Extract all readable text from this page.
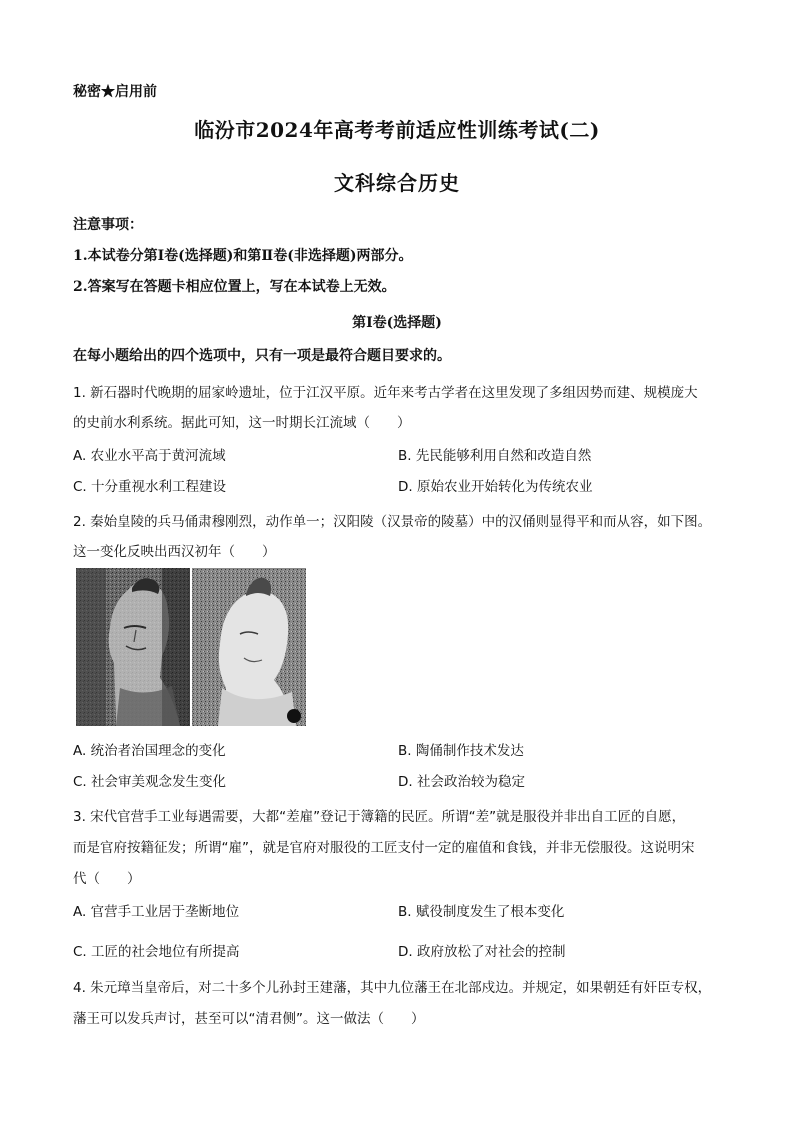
秘密★启用前
临汾市2024年高考考前适应性训练考试(二)
文科综合历史
注意事项：
1.本试卷分第Ⅰ卷(选择题)和第Ⅱ卷(非选择题)两部分。
2.答案写在答题卡相应位置上，写在本试卷上无效。
第Ⅰ卷(选择题)
在每小题给出的四个选项中，只有一项是最符合题目要求的。
1. 新石器时代晚期的屈家岭遗址，位于江汉平原。近年来考古学者在这里发现了多组因势而建、规模庞大
的史前水利系统。据此可知，这一时期长江流域（　　）
A. 农业水平高于黄河流域	B. 先民能够利用自然和改造自然
C. 十分重视水利工程建设	D. 原始农业开始转化为传统农业
2. 秦始皇陵的兵马俑肃穆刚烈，动作单一；汉阳陵（汉景帝的陵墓）中的汉俑则显得平和而从容，如下图。
这一变化反映出西汉初年（　　）
A. 统治者治国理念的变化	B. 陶俑制作技术发达
C. 社会审美观念发生变化	D. 社会政治较为稳定
3. 宋代官营手工业每遇需要，大都“差雇”登记于簿籍的民匠。所谓“差”就是服役并非出自工匠的自愿，
而是官府按籍征发；所谓“雇”，就是官府对服役的工匠支付一定的雇值和食钱，并非无偿服役。这说明宋
代（　　）
A. 官营手工业居于垄断地位	B. 赋役制度发生了根本变化
C. 工匠的社会地位有所提高	D. 政府放松了对社会的控制
4. 朱元璋当皇帝后，对二十多个儿孙封王建藩，其中九位藩王在北部戍边。并规定，如果朝廷有奸臣专权，
藩王可以发兵声讨，甚至可以“清君侧”。这一做法（　　）
